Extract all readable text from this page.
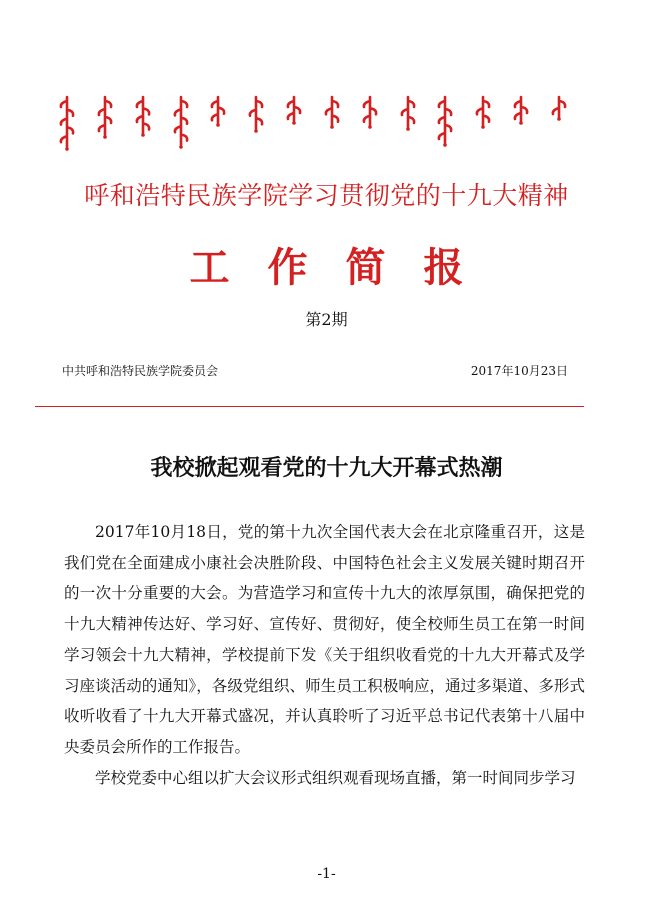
呼和浩特民族学院学习贯彻党的十九大精神
工作简报
第2期
中共呼和浩特民族学院委员会	2017年10月23日
我校掀起观看党的十九大开幕式热潮

2017年10月18日，党的第十九次全国代表大会在北京隆重召开，这是我们党在全面建成小康社会决胜阶段、中国特色社会主义发展关键时期召开的一次十分重要的大会。为营造学习和宣传十九大的浓厚氛围，确保把党的十九大精神传达好、学习好、宣传好、贯彻好，使全校师生员工在第一时间学习领会十九大精神，学校提前下发《关于组织收看党的十九大开幕式及学习座谈活动的通知》，各级党组织、师生员工积极响应，通过多渠道、多形式收听收看了十九大开幕式盛况，并认真聆听了习近平总书记代表第十八届中央委员会所作的工作报告。

学校党委中心组以扩大会议形式组织观看现场直播，第一时间同步学习

-1-
